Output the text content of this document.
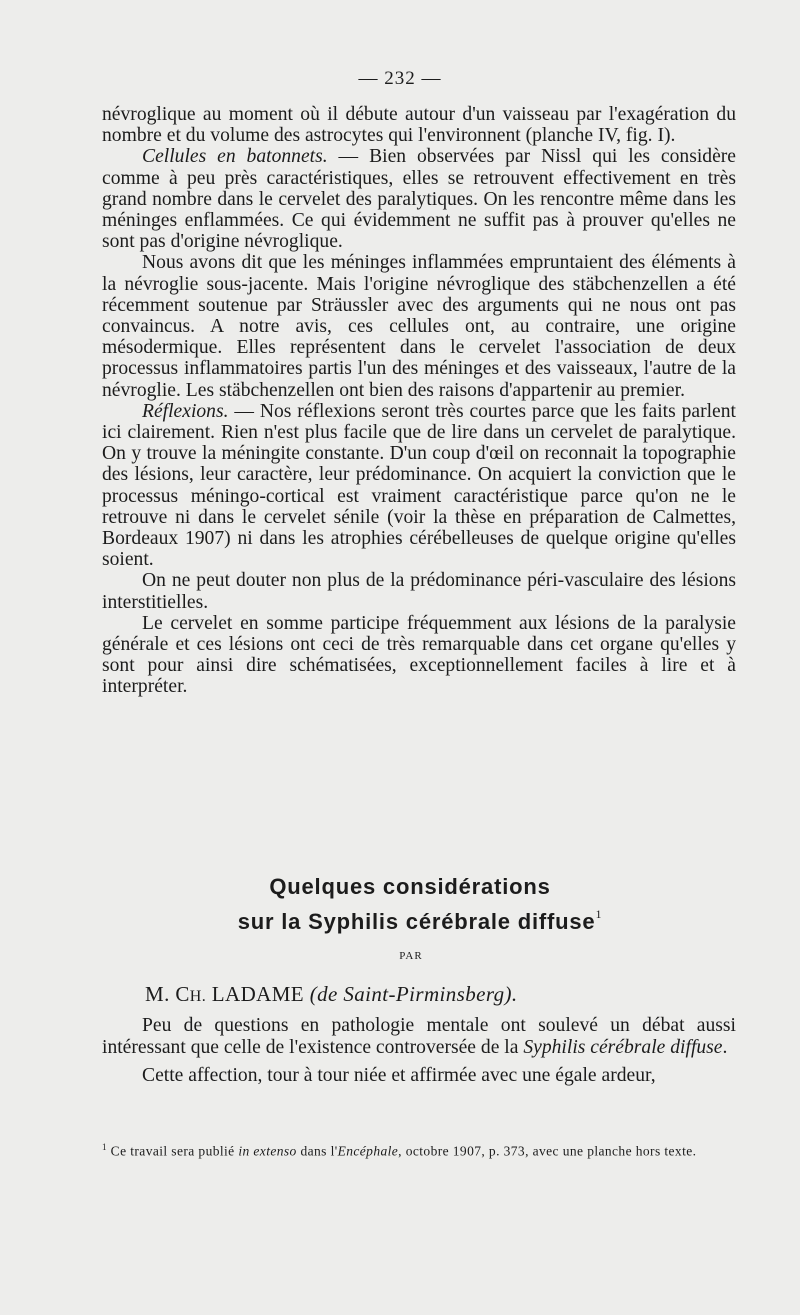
— 232 —

névroglique au moment où il débute autour d'un vaisseau par l'exagération du nombre et du volume des astrocytes qui l'environnent (planche IV, fig. I).

Cellules en batonnets. — Bien observées par Nissl qui les considère comme à peu près caractéristiques, elles se retrouvent effectivement en très grand nombre dans le cervelet des paralytiques. On les rencontre même dans les méninges enflammées. Ce qui évidemment ne suffit pas à prouver qu'elles ne sont pas d'origine névroglique.

Nous avons dit que les méninges inflammées empruntaient des éléments à la névroglie sous-jacente. Mais l'origine névroglique des stäbchenzellen a été récemment soutenue par Sträussler avec des arguments qui ne nous ont pas convaincus. A notre avis, ces cellules ont, au contraire, une origine mésodermique. Elles représentent dans le cervelet l'association de deux processus inflammatoires partis l'un des méninges et des vaisseaux, l'autre de la névroglie. Les stäbchenzellen ont bien des raisons d'appartenir au premier.

Réflexions. — Nos réflexions seront très courtes parce que les faits parlent ici clairement. Rien n'est plus facile que de lire dans un cervelet de paralytique. On y trouve la méningite constante. D'un coup d'œil on reconnait la topographie des lésions, leur caractère, leur prédominance. On acquiert la conviction que le processus méningo-cortical est vraiment caractéristique parce qu'on ne le retrouve ni dans le cervelet sénile (voir la thèse en préparation de Calmettes, Bordeaux 1907) ni dans les atrophies cérébelleuses de quelque origine qu'elles soient.

On ne peut douter non plus de la prédominance péri-vasculaire des lésions interstitielles.

Le cervelet en somme participe fréquemment aux lésions de la paralysie générale et ces lésions ont ceci de très remarquable dans cet organe qu'elles y sont pour ainsi dire schématisées, exceptionnellement faciles à lire et à interpréter.

Quelques considérations
sur la Syphilis cérébrale diffuse$^1$
PAR
M. CH. LADAME (de Saint-Pirminsberg).

Peu de questions en pathologie mentale ont soulevé un débat aussi intéressant que celle de l'existence controversée de la Syphilis cérébrale diffuse.

Cette affection, tour à tour niée et affirmée avec une égale ardeur,

$^1$ Ce travail sera publié in extenso dans l'Encéphale, octobre 1907, p. 373, avec une planche hors texte.
